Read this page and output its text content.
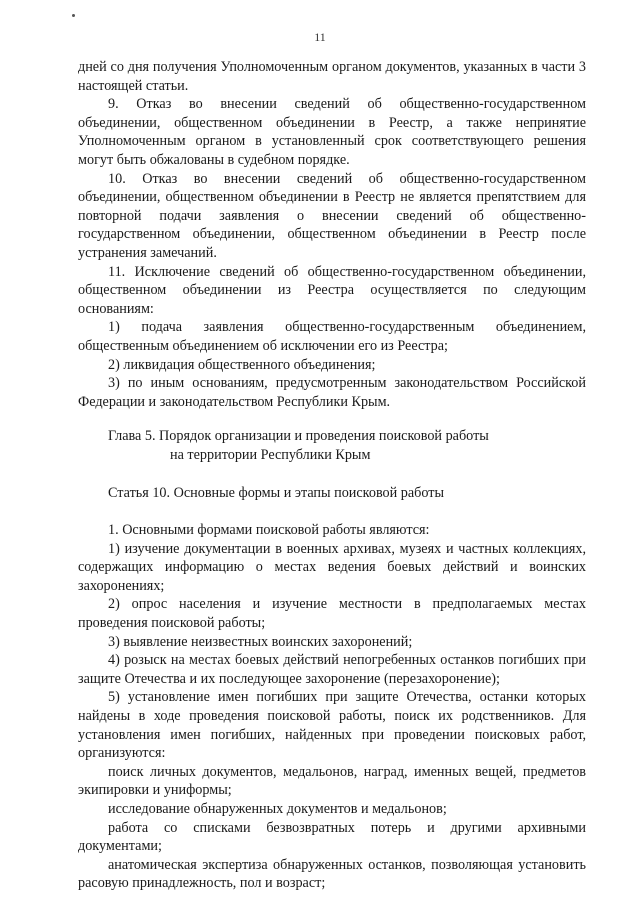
11

дней со дня получения Уполномоченным органом документов, указанных в части 3 настоящей статьи.

9. Отказ во внесении сведений об общественно-государственном объединении, общественном объединении в Реестр, а также непринятие Уполномоченным органом в установленный срок соответствующего решения могут быть обжалованы в судебном порядке.

10. Отказ во внесении сведений об общественно-государственном объединении, общественном объединении в Реестр не является препятствием для повторной подачи заявления о внесении сведений об общественно-государственном объединении, общественном объединении в Реестр после устранения замечаний.

11. Исключение сведений об общественно-государственном объединении, общественном объединении из Реестра осуществляется по следующим основаниям:

1) подача заявления общественно-государственным объединением, общественным объединением об исключении его из Реестра;

2) ликвидация общественного объединения;

3) по иным основаниям, предусмотренным законодательством Российской Федерации и законодательством Республики Крым.

Глава 5. Порядок организации и проведения поисковой работы

на территории Республики Крым

Статья 10. Основные формы и этапы поисковой работы

1. Основными формами поисковой работы являются:

1) изучение документации в военных архивах, музеях и частных коллекциях, содержащих информацию о местах ведения боевых действий и воинских захоронениях;

2) опрос населения и изучение местности в предполагаемых местах проведения поисковой работы;

3) выявление неизвестных воинских захоронений;

4) розыск на местах боевых действий непогребенных останков погибших при защите Отечества и их последующее захоронение (перезахоронение);

5) установление имен погибших при защите Отечества, останки которых найдены в ходе проведения поисковой работы, поиск их родственников. Для установления имен погибших, найденных при проведении поисковых работ, организуются:

поиск личных документов, медальонов, наград, именных вещей, предметов экипировки и униформы;

исследование обнаруженных документов и медальонов;

работа со списками безвозвратных потерь и другими архивными документами;

анатомическая экспертиза обнаруженных останков, позволяющая установить расовую принадлежность, пол и возраст;
